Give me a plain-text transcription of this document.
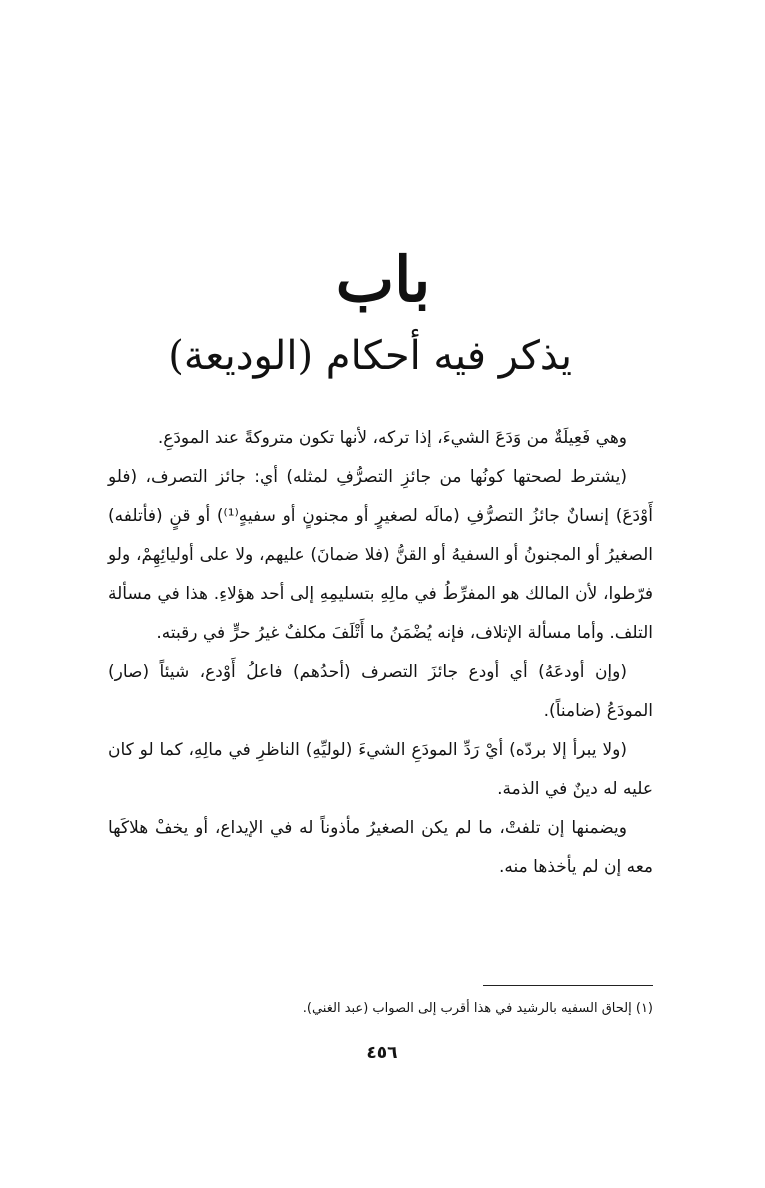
باب
يذكر فيه أحكام (الوديعة)

وهي فَعِيلَةٌ من وَدَعَ الشيءَ، إذا تركه، لأنها تكون متروكةً عند المودَعِ.

(يشترط لصحتها كونُها من جائزِ التصرُّفِ لمثله) أي: جائز التصرف، (فلو أَوْدَعَ) إنسانٌ جائزُ التصرُّفِ (مالَه لصغيرٍ أو مجنونٍ أو سفيهٍ⁽¹⁾) أو قنٍ (فأتلفه) الصغيرُ أو المجنونُ أو السفيهُ أو القنُّ (فلا ضمانَ) عليهم، ولا على أوليائِهِمْ، ولو فرّطوا، لأن المالك هو المفرِّطُ في مالِهِ بتسليمِهِ إلى أحد هؤلاءِ. هذا في مسألة التلف. وأما مسألة الإتلاف، فإنه يُضْمَنُ ما أَتْلَفَ مكلفٌ غيرُ حرٍّ في رقبته.

(وإن أودعَهُ) أي أودع جائزَ التصرف (أحدُهم) فاعلُ أَوْدع، شيئاً (صار) المودَعُ (ضامناً).

(ولا يبرأ إلا بردّه) أيْ رَدِّ المودَعِ الشيءَ (لوليِّهِ) الناظرِ في مالِهِ، كما لو كان عليه له دينٌ في الذمة.

ويضمنها إن تلفتْ، ما لم يكن الصغيرُ مأذوناً له في الإيداع، أو يخفْ هلاكَها معه إن لم يأخذها منه.

(١) إلحاق السفيه بالرشيد في هذا أقرب إلى الصواب (عبد الغني).
٤٥٦
